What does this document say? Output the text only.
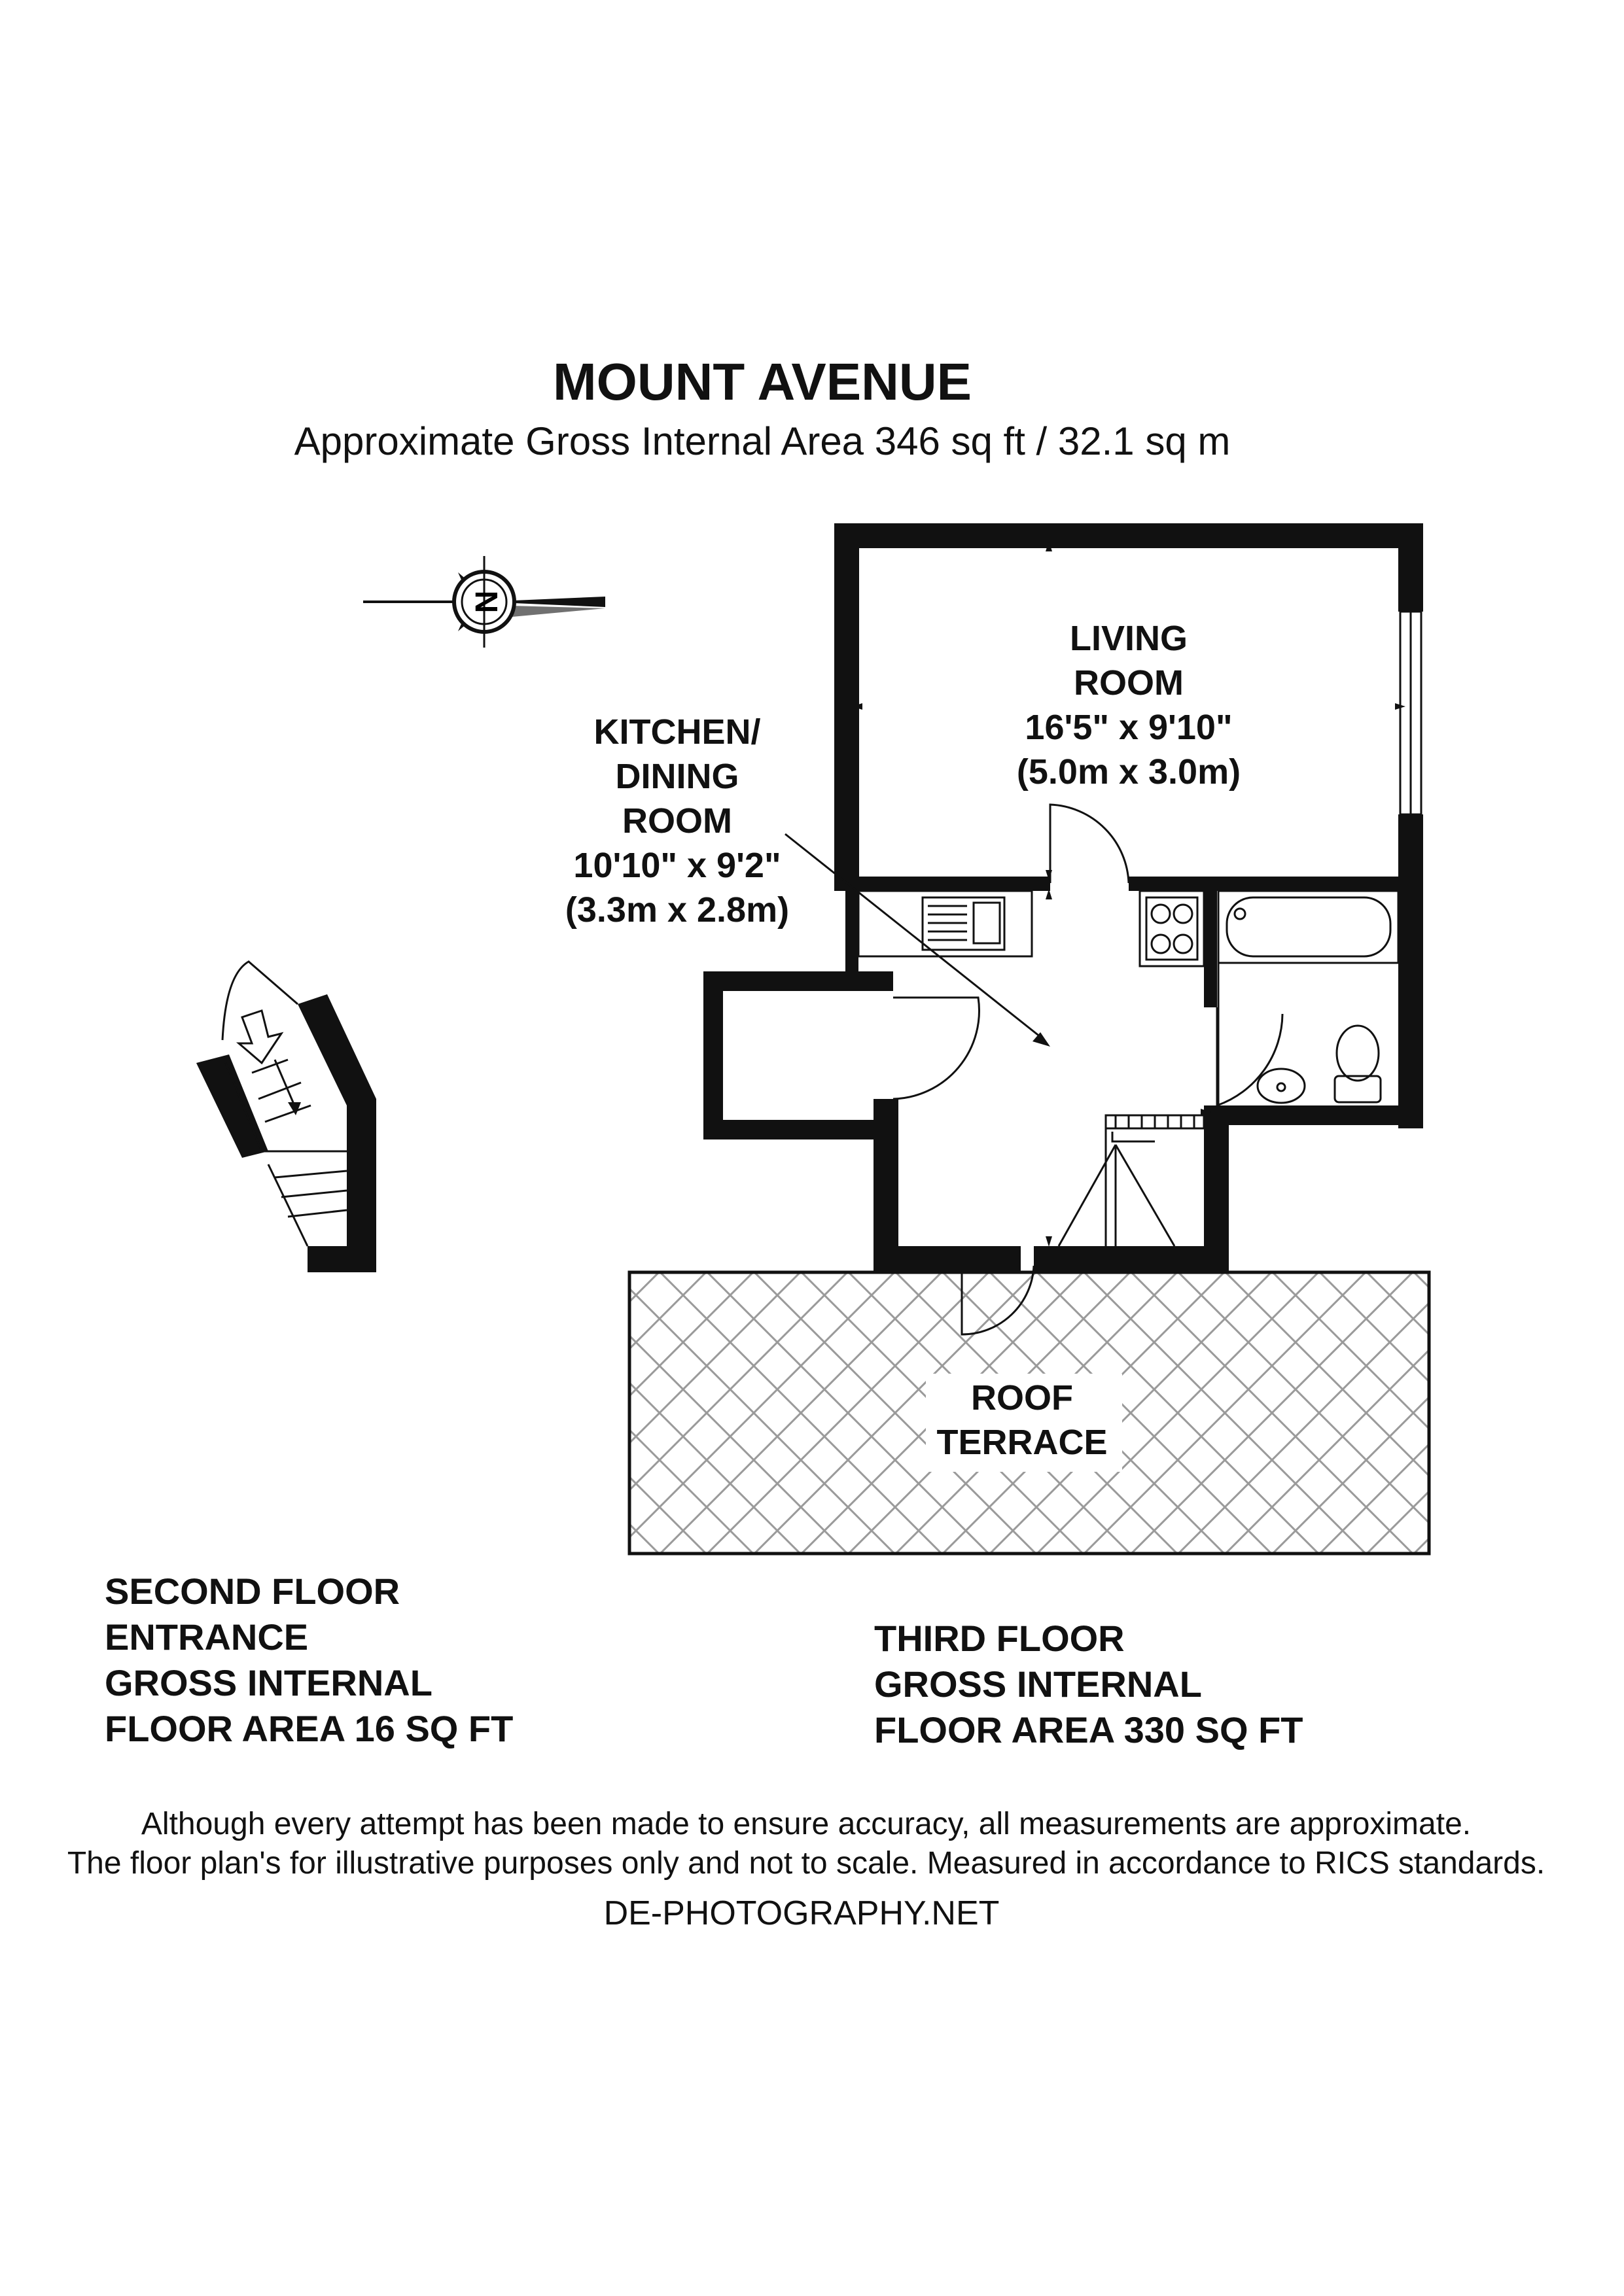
N
MOUNT AVENUE
Approximate Gross Internal Area 346 sq ft / 32.1 sq m
LIVING
ROOM
16'5" x 9'10"
(5.0m x 3.0m)
KITCHEN/
DINING
ROOM
10'10" x 9'2"
(3.3m x 2.8m)
ROOF
TERRACE
SECOND FLOOR
ENTRANCE
GROSS INTERNAL
FLOOR AREA 16 SQ FT
THIRD FLOOR
GROSS INTERNAL
FLOOR AREA 330 SQ FT
Although every attempt has been made to ensure accuracy, all measurements are approximate.
The floor plan's for illustrative purposes only and not to scale. Measured in accordance to RICS standards.
DE-PHOTOGRAPHY.NET
